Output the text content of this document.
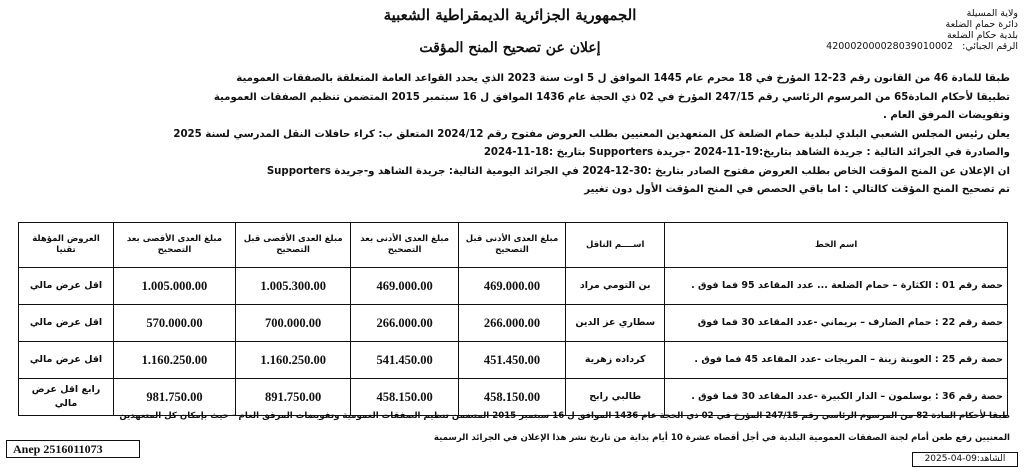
ولاية المسيلة
دائرة حمام الضلعة
بلدية حكام الضلعة
الرقم الجبائي: 420002000028039010002
الجمهورية الجزائرية الديمقراطية الشعبية
إعلان عن تصحيح المنح المؤقت

طبقا للمادة 46 من القانون رقم 23-12 المؤرخ في 18 محرم عام 1445 الموافق ل 5 اوت سنة 2023 الذي يحدد القواعد العامة المتعلقة بالصفقات العمومية

تطبيقا لأحكام المادة65 من المرسوم الرئاسي رقم 247/15 المؤرخ في 02 ذي الحجة عام 1436 الموافق ل 16 سبتمبر 2015 المتضمن تنظيم الصفقات العمومية

وتفويضات المرفق العام .

يعلن رئيس المجلس الشعبي البلدي لبلدية حمام الضلعة كل المتعهدين المعنيين بطلب العروض مفتوح رقم 2024/12 المتعلق ب: كراء حافلات النقل المدرسي لسنة 2025

والصادرة في الجرائد التالية : جريدة الشاهد بتاريخ:19-11-2024 -جريدة Supporters بتاريخ :18-11-2024

ان الإعلان عن المنح المؤقت الخاص بطلب العروض مفتوح الصادر بتاريخ :30-12-2024 في الجرائد اليومية التالية: جريدة الشاهد و-جريدة Supporters

تم تصحيح المنح المؤقت كالتالي : اما باقي الحصص في المنح المؤقت الأول دون تغيير

اسم الخط	اســــم الناقل	مبلغ العدى الأدنى قبل التصحيح	مبلغ العدى الأدنى بعد التصحيح	مبلغ العدى الأقصى قبل التصحيح	مبلغ العدى الأقصى بعد التصحيح	العروض المؤهلة تقنيا
حصة رقم 01 : الكثارة – حمام الضلعة ... عدد المقاعد 95 فما فوق .	بن التومي مراد	469.000.00	469.000.00	1.005.300.00	1.005.000.00	اقل عرض مالي
حصة رقم 22 : حمام الضارف – بريماني -عدد المقاعد 30 فما فوق	سطاري عز الدين	266.000.00	266.000.00	700.000.00	570.000.00	اقل عرض مالي
حصة رقم 25 : العوينة زينة – المريجات -عدد المقاعد 45 فما فوق .	كرداده زهرية	451.450.00	541.450.00	1.160.250.00	1.160.250.00	اقل عرض مالي
حصة رقم 36 : بوسلمون – الدار الكبيرة -عدد المقاعد 30 فما فوق .	طالبي رابح	458.150.00	458.150.00	891.750.00	981.750.00	رابع اقل عرض مالي

طبقا لأحكام المادة 82 من المرسوم الرئاسي رقم 247/15 المؤرخ في 02 ذي الحجة عام 1436 الموافق ل 16 سبتمبر 2015 المتضمن تنظيم الصفقات العمومية وتفويضات المرفق العام - حيث بإمكان كل المتعهدين

المعنيين رفع طعن أمام لجنة الصفقات العمومية البلدية في أجل أقصاه عشرة 10 أيام بداية من تاريخ نشر هذا الإعلان في الجرائد الرسمية

Anep 2516011073
الشاهد:09-04-2025
